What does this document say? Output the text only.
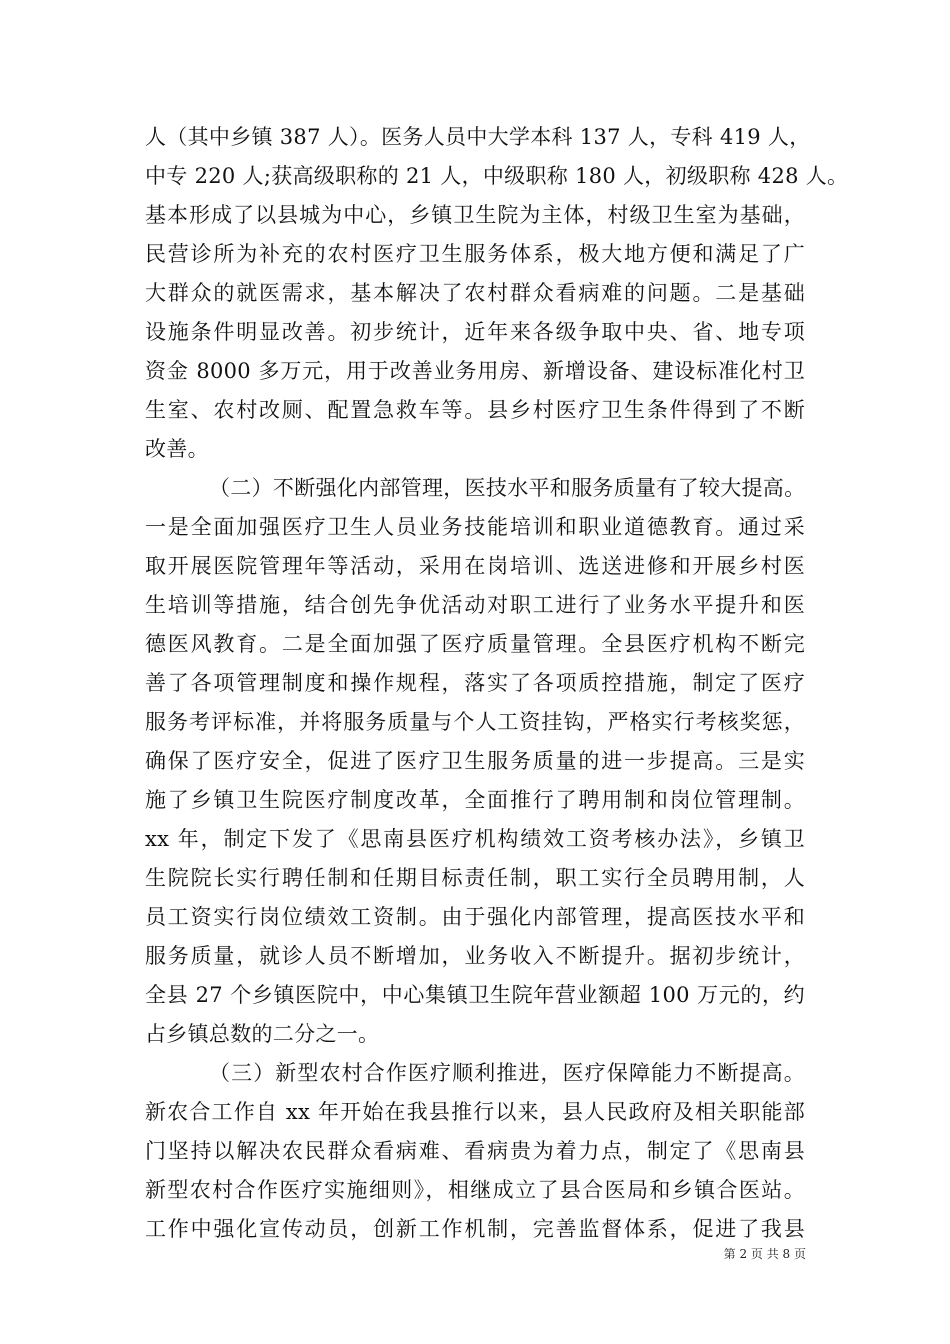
人（其中乡镇 387 人）。医务人员中大学本科 137 人，专科 419 人，
中专 220 人;获高级职称的 21 人，中级职称 180 人，初级职称 428 人。
基本形成了以县城为中心，乡镇卫生院为主体，村级卫生室为基础，
民营诊所为补充的农村医疗卫生服务体系，极大地方便和满足了广
大群众的就医需求，基本解决了农村群众看病难的问题。二是基础
设施条件明显改善。初步统计，近年来各级争取中央、省、地专项
资金 8000 多万元，用于改善业务用房、新增设备、建设标准化村卫
生室、农村改厕、配置急救车等。县乡村医疗卫生条件得到了不断
改善。
（二）不断强化内部管理，医技水平和服务质量有了较大提高。
一是全面加强医疗卫生人员业务技能培训和职业道德教育。通过采
取开展医院管理年等活动，采用在岗培训、选送进修和开展乡村医
生培训等措施，结合创先争优活动对职工进行了业务水平提升和医
德医风教育。二是全面加强了医疗质量管理。全县医疗机构不断完
善了各项管理制度和操作规程，落实了各项质控措施，制定了医疗
服务考评标准，并将服务质量与个人工资挂钩，严格实行考核奖惩，
确保了医疗安全，促进了医疗卫生服务质量的进一步提高。三是实
施了乡镇卫生院医疗制度改革，全面推行了聘用制和岗位管理制。
xx 年，制定下发了《思南县医疗机构绩效工资考核办法》，乡镇卫
生院院长实行聘任制和任期目标责任制，职工实行全员聘用制，人
员工资实行岗位绩效工资制。由于强化内部管理，提高医技水平和
服务质量，就诊人员不断增加，业务收入不断提升。据初步统计，
全县 27 个乡镇医院中，中心集镇卫生院年营业额超 100 万元的，约
占乡镇总数的二分之一。
（三）新型农村合作医疗顺利推进，医疗保障能力不断提高。
新农合工作自 xx 年开始在我县推行以来，县人民政府及相关职能部
门坚持以解决农民群众看病难、看病贵为着力点，制定了《思南县
新型农村合作医疗实施细则》，相继成立了县合医局和乡镇合医站。
工作中强化宣传动员，创新工作机制，完善监督体系，促进了我县
第 2 页 共 8 页
